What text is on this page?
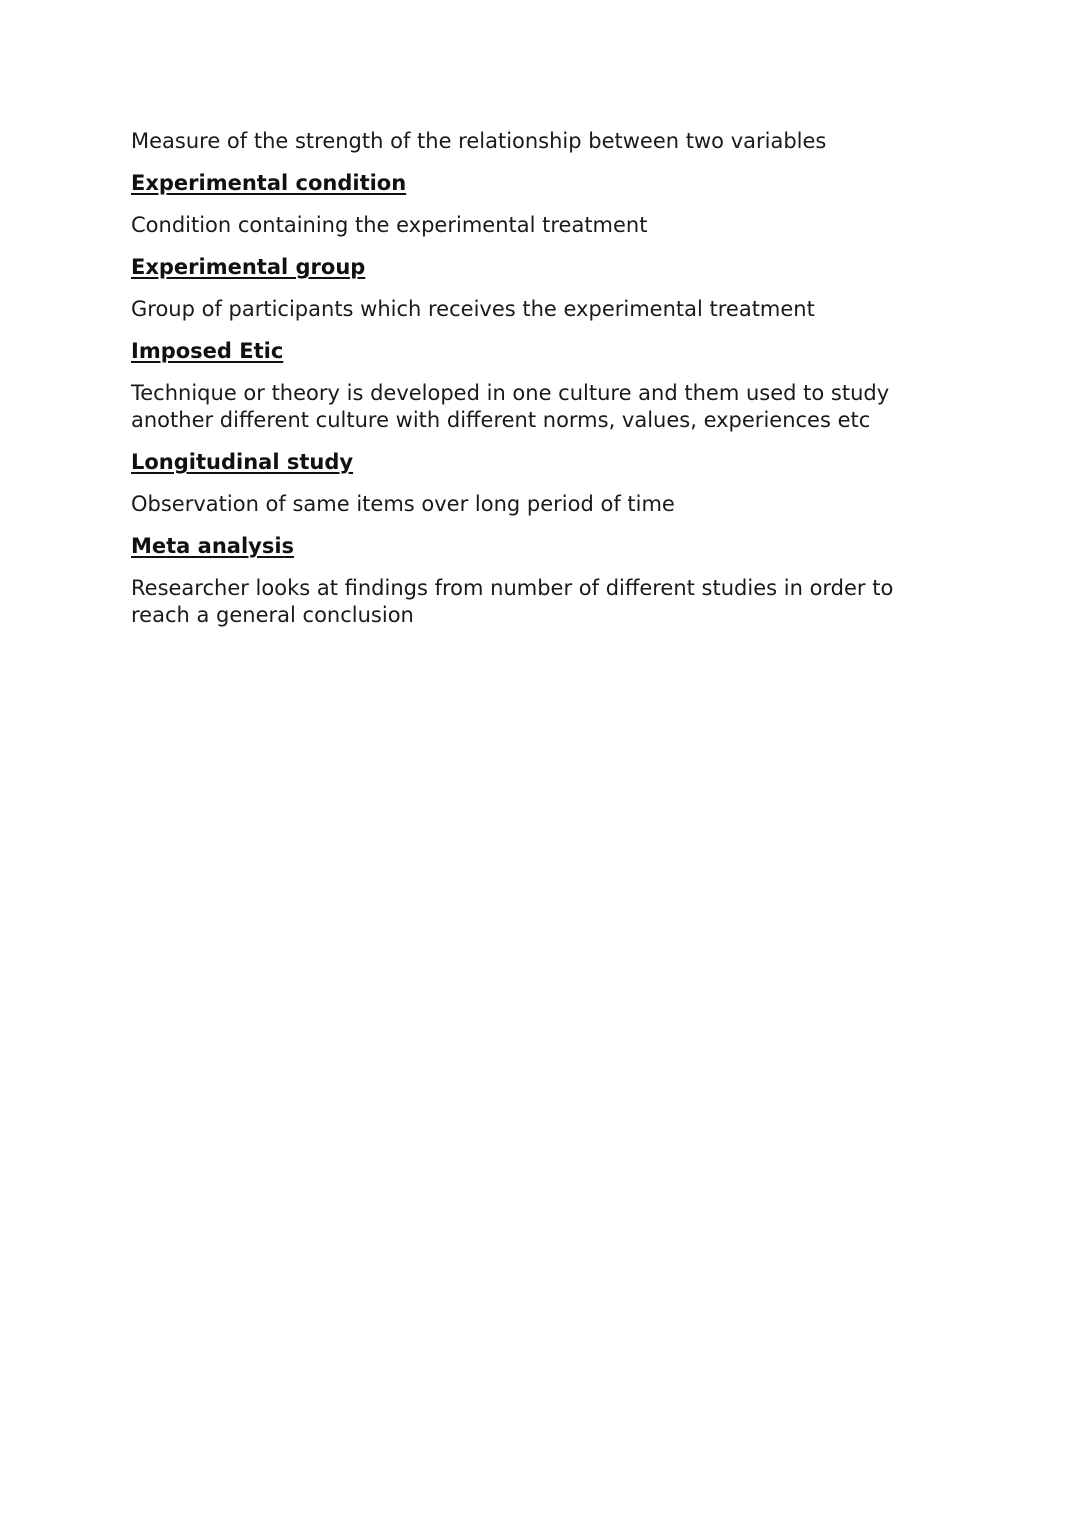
Measure of the strength of the relationship between two variables

Experimental condition

Condition containing the experimental treatment

Experimental group

Group of participants which receives the experimental treatment

Imposed Etic

Technique or theory is developed in one culture and them used to study another different culture with different norms, values, experiences etc

Longitudinal study

Observation of same items over long period of time

Meta analysis

Researcher looks at findings from number of different studies in order to reach a general conclusion
